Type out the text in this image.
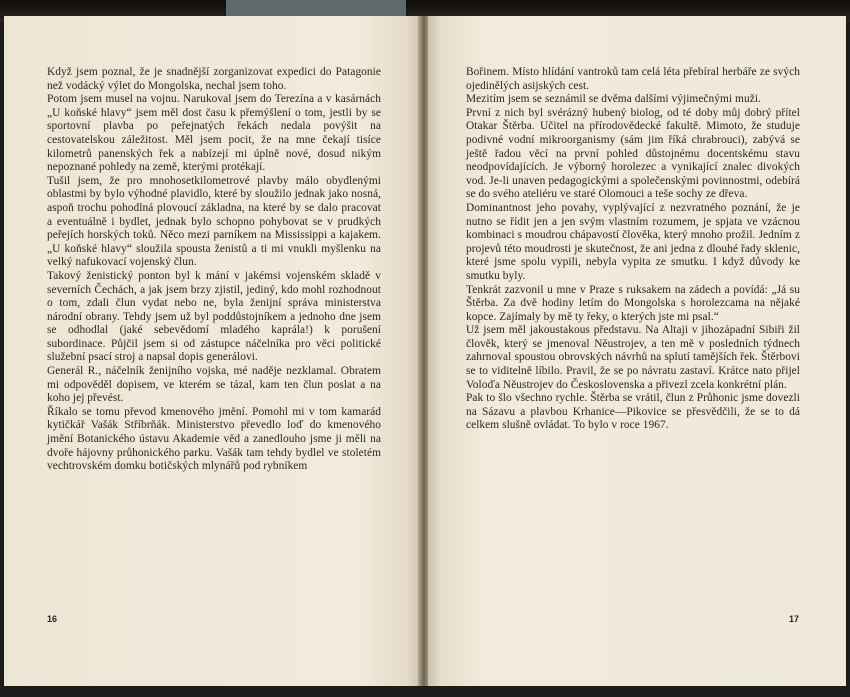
Když jsem poznal, že je snadnější zorganizovat expedici do Patagonie než vodácký výlet do Mongolska, nechal jsem toho.

Potom jsem musel na vojnu. Narukoval jsem do Terezína a v kasárnách „U koňské hlavy“ jsem měl dost času k přemýšlení o tom, jestli by se sportovní plavba po peřejnatých řekách nedala povýšit na cestovatelskou záležitost. Měl jsem pocit, že na mne čekají tisíce kilometrů panenských řek a nabízejí mi úplně nové, dosud nikým nepoznané pohledy na země, kterými protékají.

Tušil jsem, že pro mnohosetkilometrové plavby málo obydlenými oblastmi by bylo výhodné plavidlo, které by sloužilo jednak jako nosná, aspoň trochu pohodlná plovoucí základna, na které by se dalo pracovat a eventuálně i bydlet, jednak bylo schopno pohybovat se v prudkých peřejích horských toků. Něco mezi parníkem na Mississippi a kajakem. „U koňské hlavy“ sloužila spousta ženistů a ti mi vnukli myšlenku na velký nafukovací vojenský člun.

Takový ženistický ponton byl k mání v jakémsi vojenském skladě v severních Čechách, a jak jsem brzy zjistil, jediný, kdo mohl rozhodnout o tom, zdali člun vydat nebo ne, byla ženijní správa ministerstva národní obrany. Tehdy jsem už byl poddůstojníkem a jednoho dne jsem se odhodlal (jaké sebevědomí mladého kaprála!) k porušení subordinace. Půjčil jsem si od zástupce náčelníka pro věci politické služební psací stroj a napsal dopis generálovi.

Generál R., náčelník ženijního vojska, mé naděje nezklamal. Obratem mi odpověděl dopisem, ve kterém se tázal, kam ten člun poslat a na koho jej převést.

Říkalo se tomu převod kmenového jmění. Pomohl mi v tom kamarád kytičkář Vašák Stříbrňák. Ministerstvo převedlo loď do kmenového jmění Botanického ústavu Akademie věd a zanedlouho jsme ji měli na dvoře hájovny průhonického parku. Vašák tam tehdy bydlel ve stoletém vechtrovském domku botičských mlynářů pod rybníkem

16

Bořinem. Místo hlídání vantroků tam celá léta přebíral herbáře ze svých ojedinělých asijských cest.

Mezitím jsem se seznámil se dvěma dalšími výjimečnými muži.

První z nich byl svérázný hubený biolog, od té doby můj dobrý přítel Otakar Štěrba. Učitel na přírodovědecké fakultě. Mimoto, že studuje podivné vodní mikroorganismy (sám jim říká chrabrouci), zabývá se ještě řadou věcí na první pohled důstojnému docentskému stavu neodpovídajících. Je výborný horolezec a vynikající znalec divokých vod. Je-li unaven pedagogickými a společenskými povinnostmi, odebírá se do svého ateliéru ve staré Olomouci a teše sochy ze dřeva.

Dominantnost jeho povahy, vyplývající z nezvratného poznání, že je nutno se řídit jen a jen svým vlastním rozumem, je spjata ve vzácnou kombinaci s moudrou chápavostí člověka, který mnoho prožil. Jedním z projevů této moudrosti je skutečnost, že ani jedna z dlouhé řady sklenic, které jsme spolu vypili, nebyla vypita ze smutku. I když důvody ke smutku byly.

Tenkrát zazvonil u mne v Praze s ruksakem na zádech a povídá: „Já su Štěrba. Za dvě hodiny letím do Mongolska s horolezcama na nějaké kopce. Zajímaly by mě ty řeky, o kterých jste mi psal.“

Už jsem měl jakoustakous představu. Na Altaji v jihozápadní Sibiři žil člověk, který se jmenoval Něustrojev, a ten mě v posledních týdnech zahrnoval spoustou obrovských návrhů na splutí tamějších řek. Štěrbovi se to viditelně líbilo. Pravil, že se po návratu zastaví. Krátce nato přijel Voloďa Něustrojev do Československa a přivezl zcela konkrétní plán.

Pak to šlo všechno rychle. Štěrba se vrátil, člun z Průhonic jsme dovezli na Sázavu a plavbou Krhanice—Pikovice se přesvědčili, že se to dá celkem slušně ovládat. To bylo v roce 1967.

17
